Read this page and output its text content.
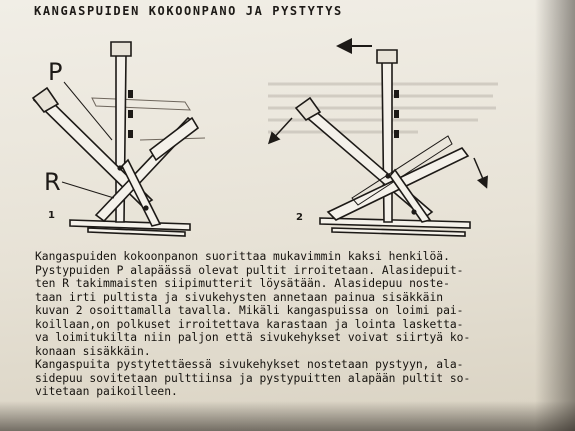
KANGASPUIDEN KOKOONPANO JA PYSTYTYS
P
R
1	2
Kangaspuiden kokoonpanon suorittaa mukavimmin kaksi henkilöä.
Pystypuiden P alapäässä olevat pultit irroitetaan. Alasidepuit-
ten R takimmaisten siipimutterit löysätään. Alasidepuu noste-
taan irti pultista ja sivukehysten annetaan painua sisäkkäin
kuvan 2 osoittamalla tavalla. Mikäli kangaspuissa on loimi pai-
koillaan,on polkuset irroitettava karastaan ja lointa lasketta-
va loimitukilta niin paljon että sivukehykset voivat siirtyä ko-
konaan sisäkkäin.
Kangaspuita pystytettäessä sivukehykset nostetaan pystyyn, ala-
sidepuu sovitetaan pulttiinsa ja pystypuitten alapään pultit so-
vitetaan paikoilleen.
